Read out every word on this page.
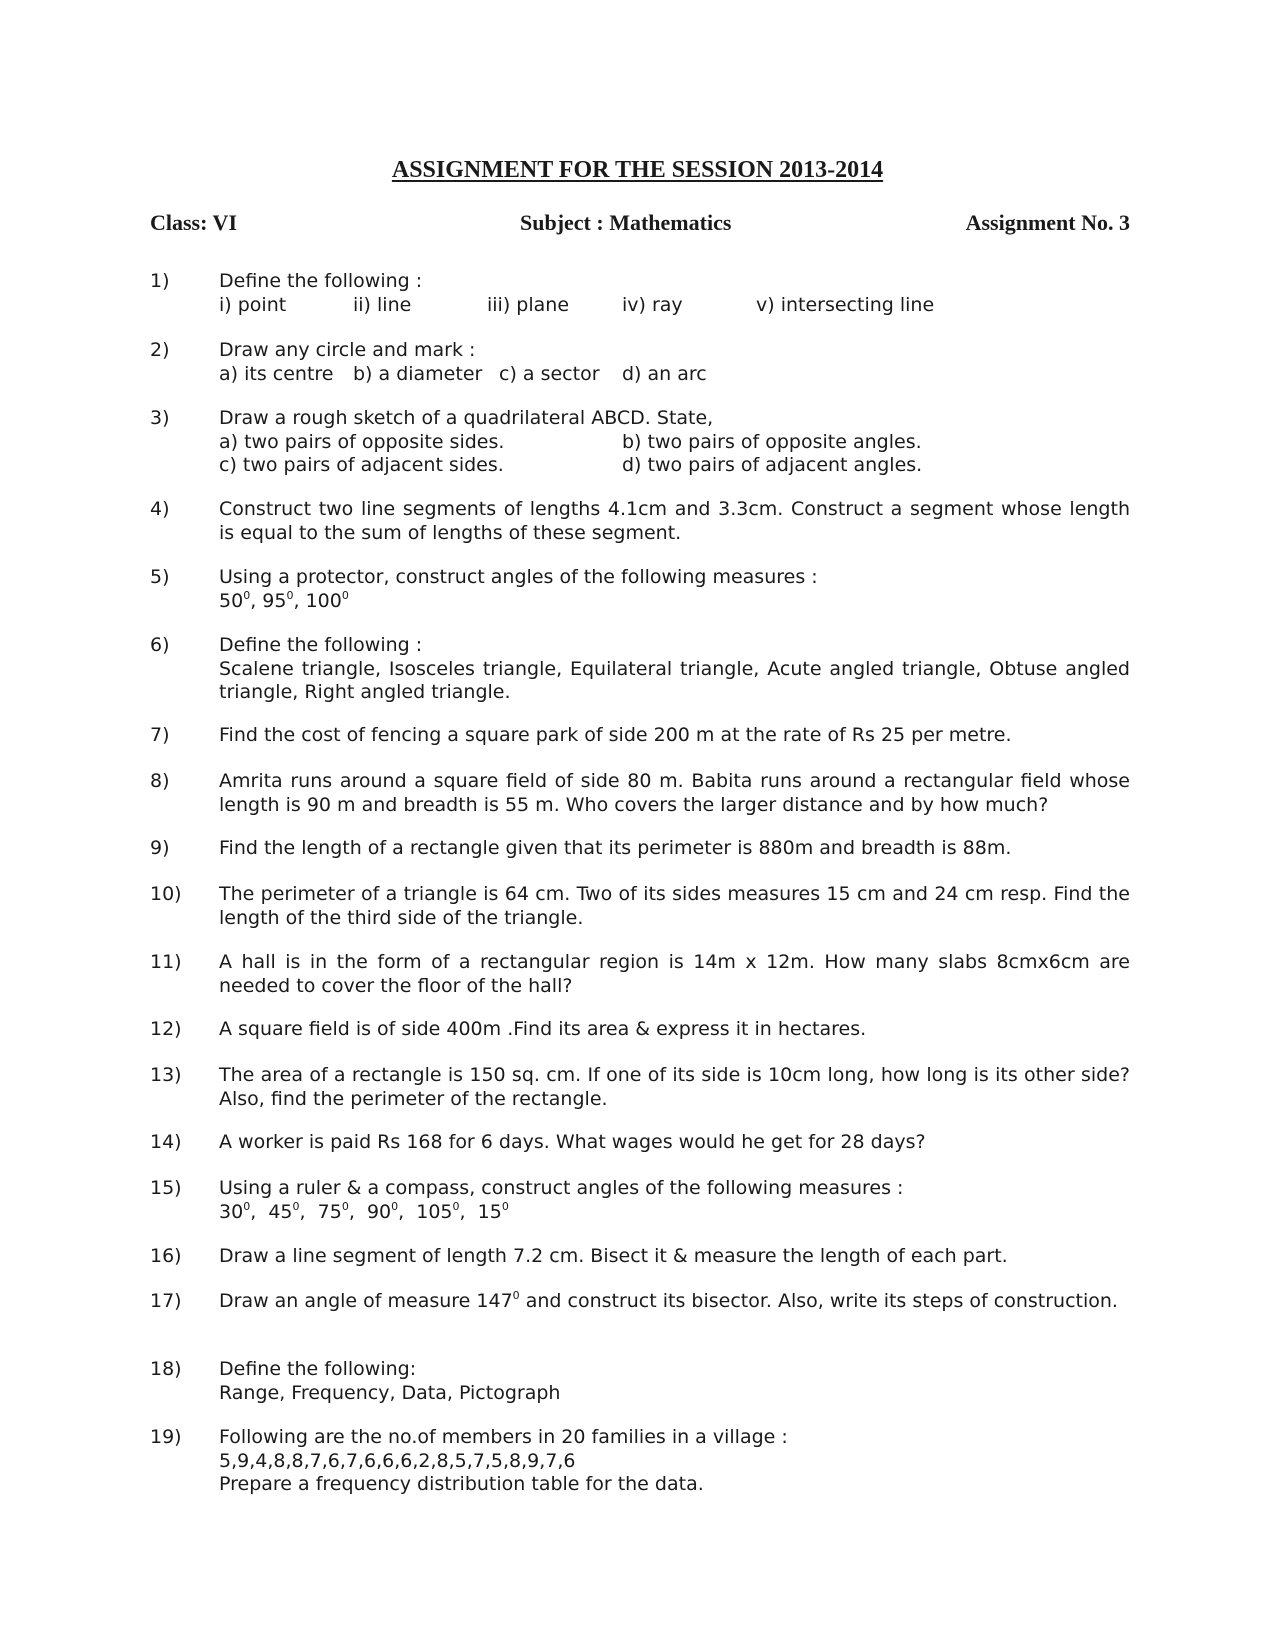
ASSIGNMENT FOR THE SESSION 2013-2014
Class: VI	Subject : Mathematics	Assignment No. 3
1)	Define the following :
i) point	ii) line	iii) plane	iv) ray	v) intersecting line
2)	Draw any circle and mark :
a) its centre b) a diameter c) a sector d) an arc
3)	Draw a rough sketch of a quadrilateral ABCD. State,
a) two pairs of opposite sides.	b) two pairs of opposite angles.
c) two pairs of adjacent sides.	d) two pairs of adjacent angles.
4)	Construct two line segments of lengths 4.1cm and 3.3cm. Construct a segment whose length is equal to the sum of lengths of these segment.
5)	Using a protector, construct angles of the following measures :
$50^0$, $95^0$, $100^0$
6)	Define the following :
Scalene triangle, Isosceles triangle, Equilateral triangle, Acute angled triangle, Obtuse angled triangle, Right angled triangle.
7)	Find the cost of fencing a square park of side 200 m at the rate of Rs 25 per metre.
8)	Amrita runs around a square field of side 80 m. Babita runs around a rectangular field whose length is 90 m and breadth is 55 m. Who covers the larger distance and by how much?
9)	Find the length of a rectangle given that its perimeter is 880m and breadth is 88m.
10) The perimeter of a triangle is 64 cm. Two of its sides measures 15 cm and 24 cm resp. Find the length of the third side of the triangle.
11) A hall is in the form of a rectangular region is 14m x 12m. How many slabs 8cmx6cm are needed to cover the floor of the hall?
12) A square field is of side 400m .Find its area & express it in hectares.
13) The area of a rectangle is 150 sq. cm. If one of its side is 10cm long, how long is its other side? Also, find the perimeter of the rectangle.
14) A worker is paid Rs 168 for 6 days. What wages would he get for 28 days?
15) Using a ruler & a compass, construct angles of the following measures :
$30^0$,  $45^0$,  $75^0$,  $90^0$,  $105^0$,  $15^0$
16) Draw a line segment of length 7.2 cm. Bisect it & measure the length of each part.
17) Draw an angle of measure $147^0$ and construct its bisector. Also, write its steps of construction.
18) Define the following:
Range, Frequency, Data, Pictograph
19) Following are the no.of members in 20 families in a village :
5,9,4,8,8,7,6,7,6,6,6,2,8,5,7,5,8,9,7,6
Prepare a frequency distribution table for the data.
